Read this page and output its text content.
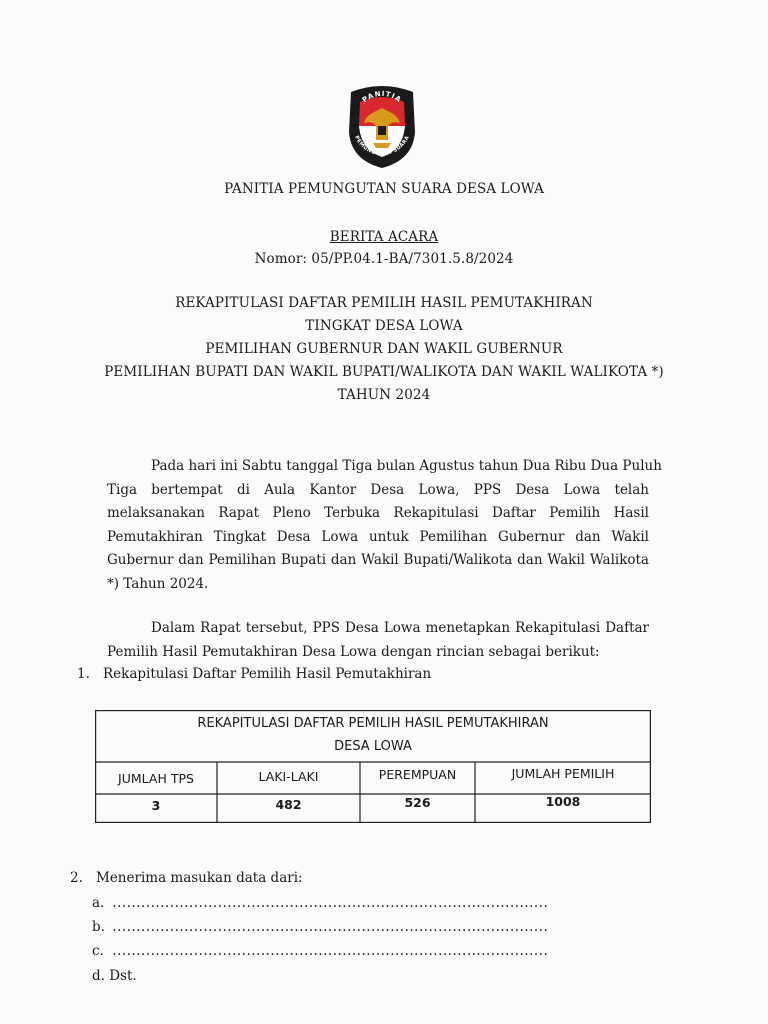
PANITIA
PEMUNGUTAN SUARA
PANITIA PEMUNGUTAN SUARA DESA LOWA
BERITA ACARA
Nomor: 05/PP.04.1-BA/7301.5.8/2024
REKAPITULASI DAFTAR PEMILIH HASIL PEMUTAKHIRAN
TINGKAT DESA LOWA
PEMILIHAN GUBERNUR DAN WAKIL GUBERNUR
PEMILIHAN BUPATI DAN WAKIL BUPATI/WALIKOTA DAN WAKIL WALIKOTA *)
TAHUN 2024
Pada hari ini Sabtu tanggal Tiga bulan Agustus tahun Dua Ribu Dua Puluh
Tiga bertempat di Aula Kantor Desa Lowa, PPS Desa Lowa telah
melaksanakan Rapat Pleno Terbuka Rekapitulasi Daftar Pemilih Hasil
Pemutakhiran Tingkat Desa Lowa untuk Pemilihan Gubernur dan Wakil
Gubernur dan Pemilihan Bupati dan Wakil Bupati/Walikota dan Wakil Walikota
*) Tahun 2024.
Dalam Rapat tersebut, PPS Desa Lowa menetapkan Rekapitulasi Daftar
Pemilih Hasil Pemutakhiran Desa Lowa dengan rincian sebagai berikut:
1. Rekapitulasi Daftar Pemilih Hasil Pemutakhiran
REKAPITULASI DAFTAR PEMILIH HASIL PEMUTAKHIRAN
DESA LOWA
JUMLAH TPS	LAKI-LAKI	PEREMPUAN	JUMLAH PEMILIH
3	482	526	1008
2. Menerima masukan data dari:
a. ...........................................................................................
b. ...........................................................................................
c. ...........................................................................................
d. Dst.
